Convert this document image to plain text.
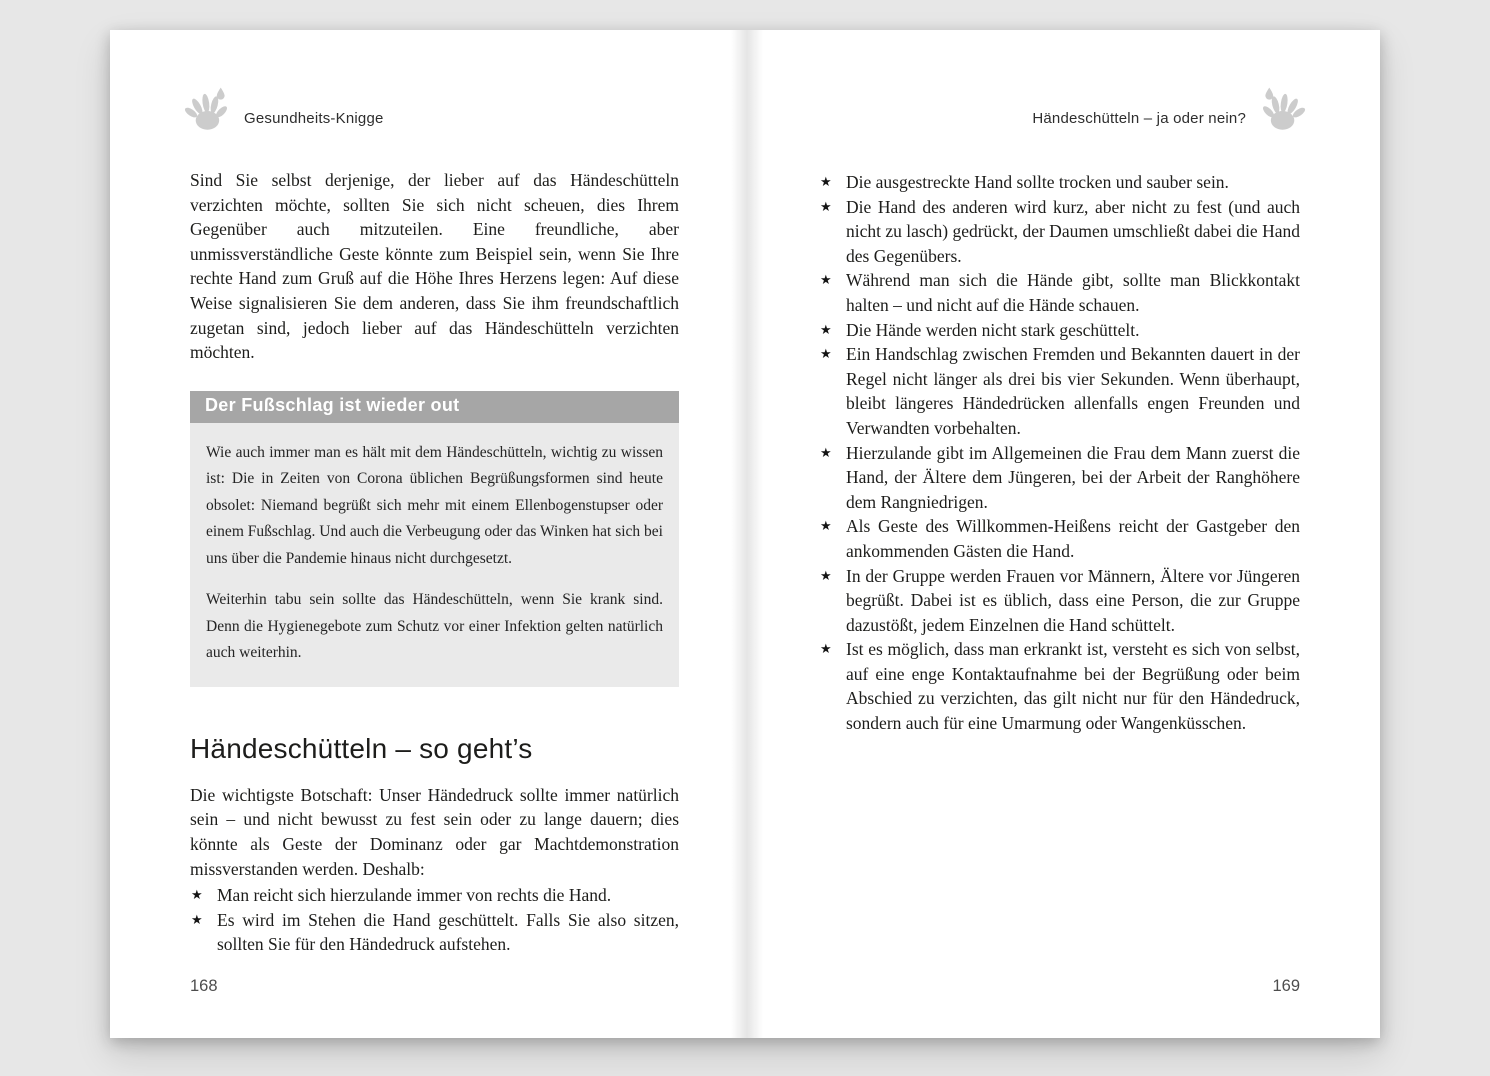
Gesundheits-Knigge

Sind Sie selbst derjenige, der lieber auf das Händeschütteln verzichten möchte, sollten Sie sich nicht scheuen, dies Ihrem Gegenüber auch mitzuteilen. Eine freundliche, aber unmissverständliche Geste könnte zum Beispiel sein, wenn Sie Ihre rechte Hand zum Gruß auf die Höhe Ihres Herzens legen: Auf diese Weise signalisieren Sie dem anderen, dass Sie ihm freundschaftlich zugetan sind, jedoch lieber auf das Händeschütteln verzichten möchten.

Der Fußschlag ist wieder out

Wie auch immer man es hält mit dem Händeschütteln, wichtig zu wissen ist: Die in Zeiten von Corona üblichen Begrüßungsformen sind heute obsolet: Niemand begrüßt sich mehr mit einem Ellenbogenstupser oder einem Fußschlag. Und auch die Verbeugung oder das Winken hat sich bei uns über die Pandemie hinaus nicht durchgesetzt.

Weiterhin tabu sein sollte das Händeschütteln, wenn Sie krank sind. Denn die Hygienegebote zum Schutz vor einer Infektion gelten natürlich auch weiterhin.

Händeschütteln – so geht’s

Die wichtigste Botschaft: Unser Händedruck sollte immer natürlich sein – und nicht bewusst zu fest sein oder zu lange dauern; dies könnte als Geste der Dominanz oder gar Machtdemonstration missverstanden werden. Deshalb:

★ Man reicht sich hierzulande immer von rechts die Hand.
★ Es wird im Stehen die Hand geschüttelt. Falls Sie also sitzen, sollten Sie für den Händedruck aufstehen.
168
Händeschütteln – ja oder nein?
★ Die ausgestreckte Hand sollte trocken und sauber sein.
★ Die Hand des anderen wird kurz, aber nicht zu fest (und auch nicht zu lasch) gedrückt, der Daumen umschließt dabei die Hand des Gegenübers.
★ Während man sich die Hände gibt, sollte man Blickkontakt halten – und nicht auf die Hände schauen.
★ Die Hände werden nicht stark geschüttelt.
★ Ein Handschlag zwischen Fremden und Bekannten dauert in der Regel nicht länger als drei bis vier Sekunden. Wenn überhaupt, bleibt längeres Händedrücken allenfalls engen Freunden und Verwandten vorbehalten.
★ Hierzulande gibt im Allgemeinen die Frau dem Mann zuerst die Hand, der Ältere dem Jüngeren, bei der Arbeit der Ranghöhere dem Rangniedrigen.
★ Als Geste des Willkommen-Heißens reicht der Gastgeber den ankommenden Gästen die Hand.
★ In der Gruppe werden Frauen vor Männern, Ältere vor Jüngeren begrüßt. Dabei ist es üblich, dass eine Person, die zur Gruppe dazustößt, jedem Einzelnen die Hand schüttelt.
★ Ist es möglich, dass man erkrankt ist, versteht es sich von selbst, auf eine enge Kontaktaufnahme bei der Begrüßung oder beim Abschied zu verzichten, das gilt nicht nur für den Händedruck, sondern auch für eine Umarmung oder Wangenküsschen.
169
